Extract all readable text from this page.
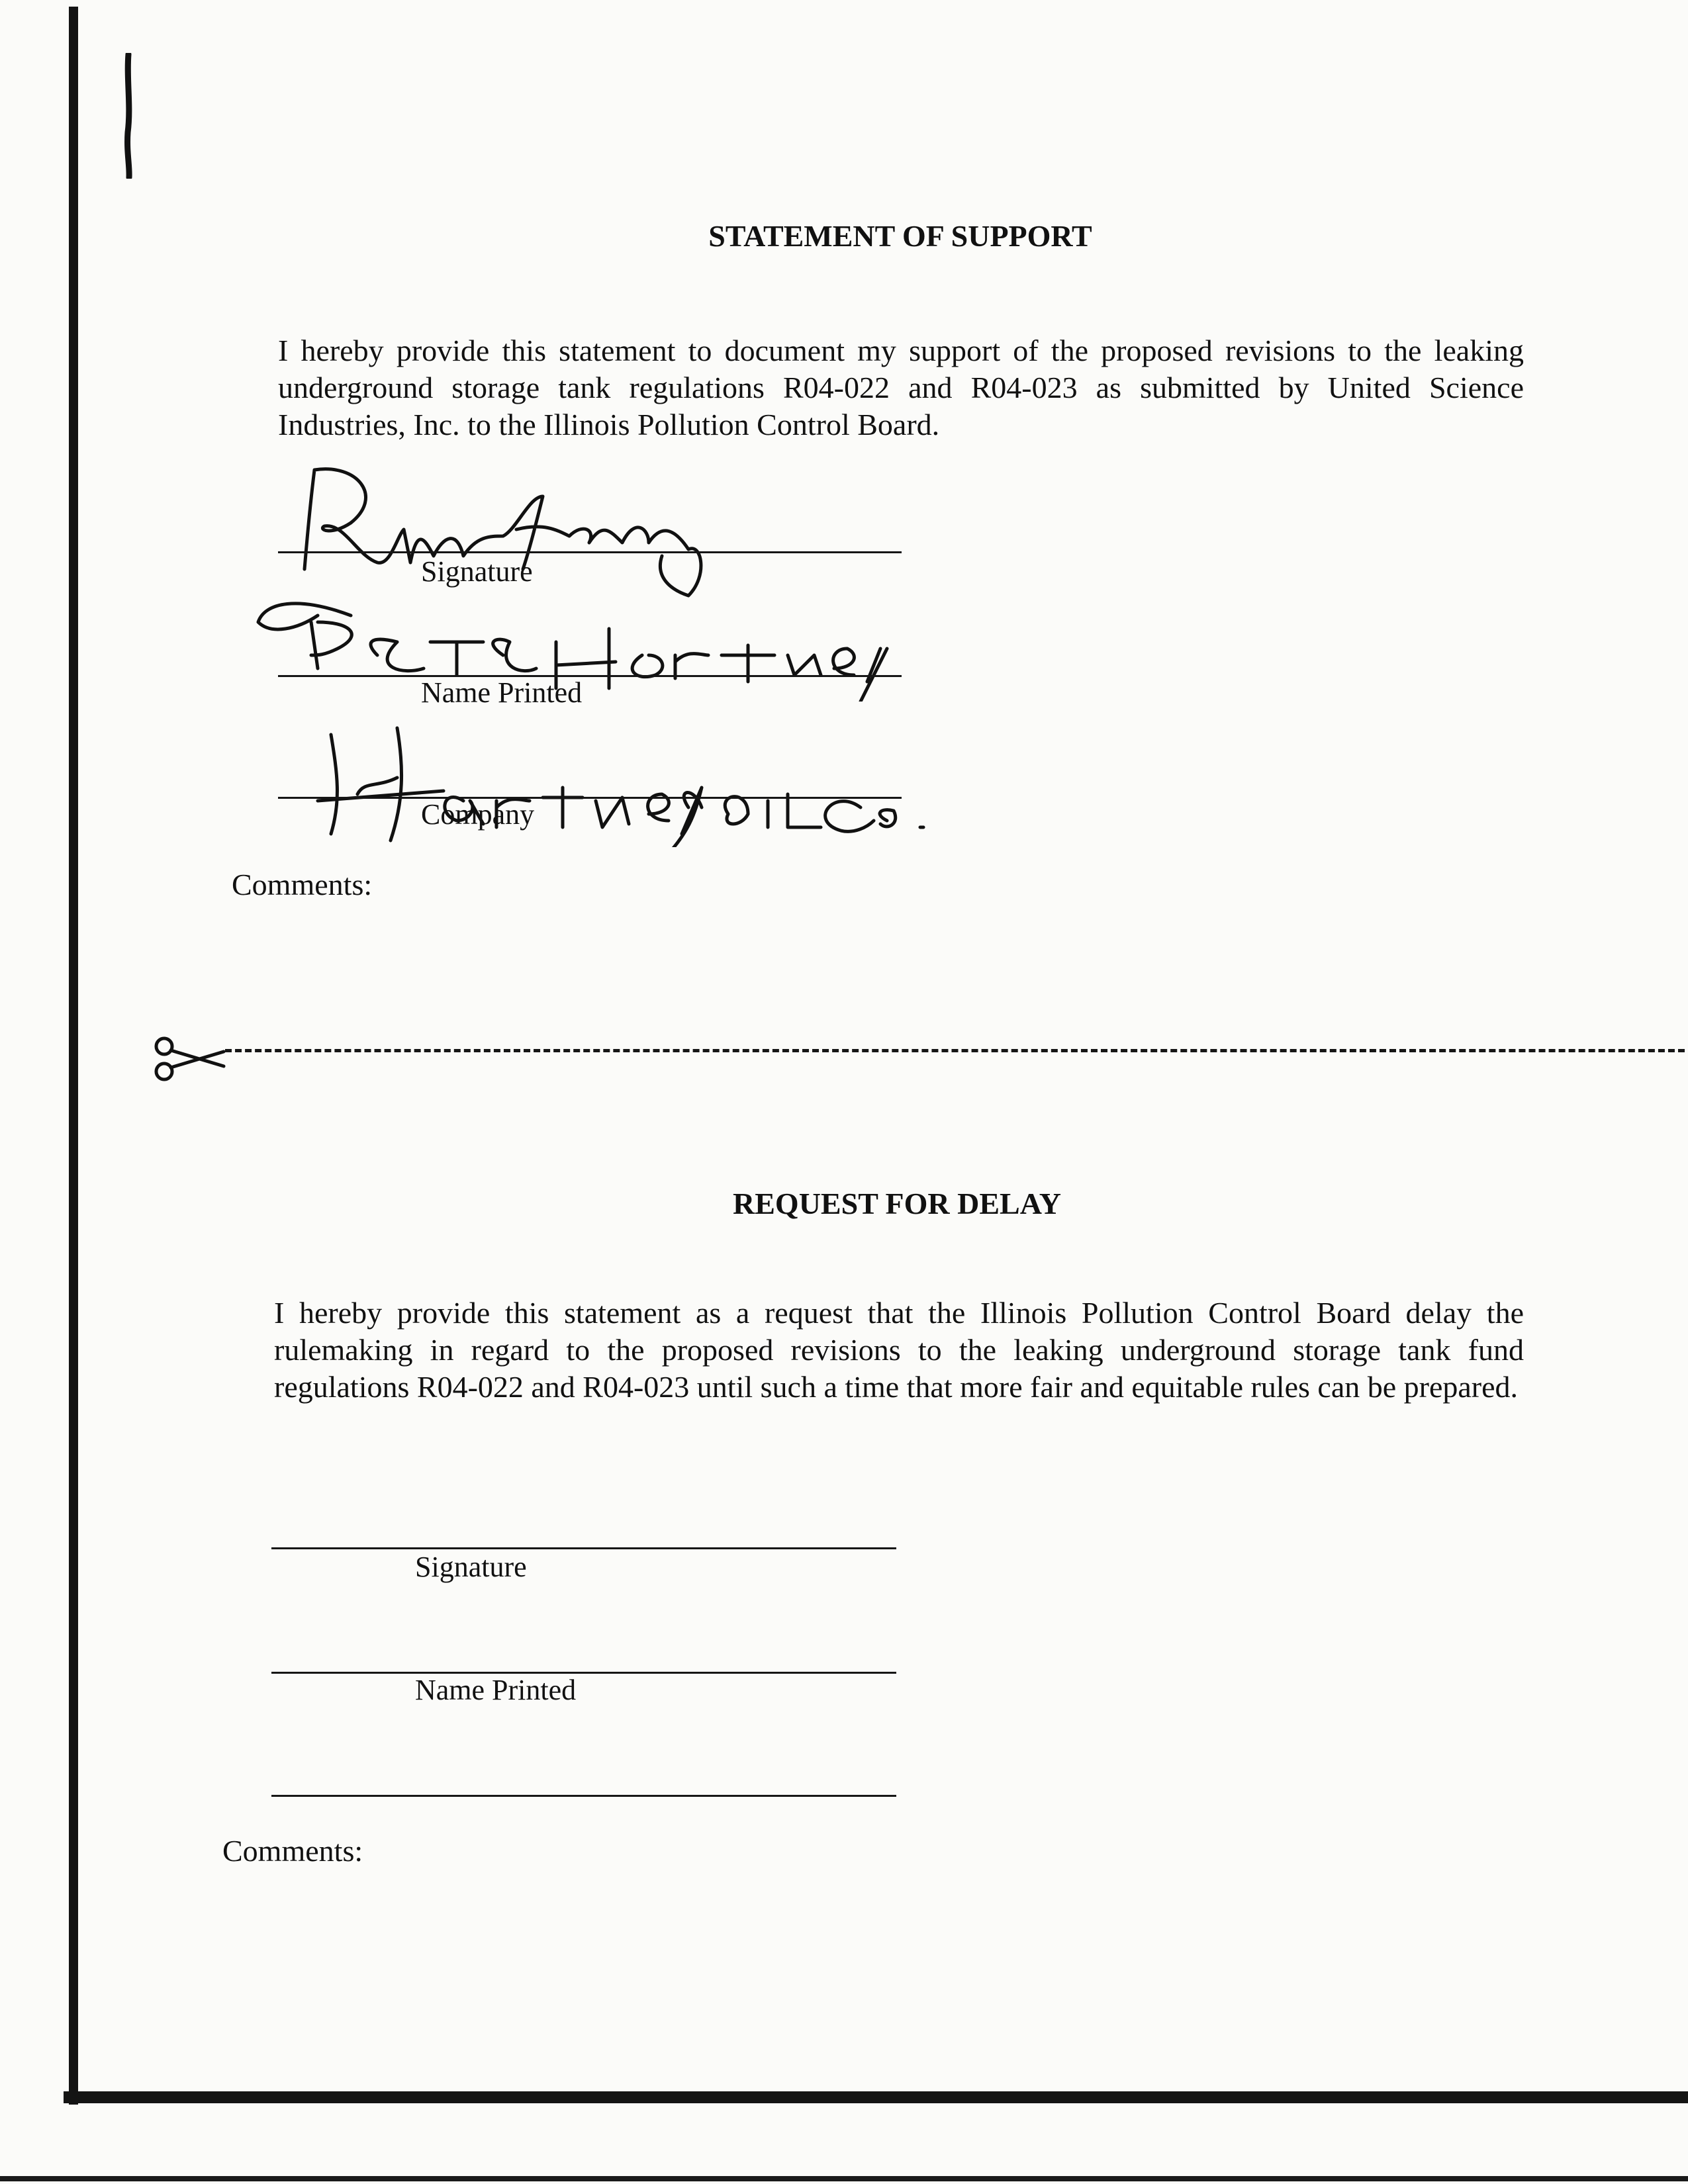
STATEMENT OF SUPPORT
I hereby provide this statement to document my support of the proposed revisions to the leaking underground storage tank regulations R04-022 and R04-023 as submitted by United Science Industries, Inc. to the Illinois Pollution Control Board.
Signature
Name Printed
Company
Comments:
REQUEST FOR DELAY
I hereby provide this statement as a request that the Illinois Pollution Control Board delay the rulemaking in regard to the proposed revisions to the leaking underground storage tank fund regulations R04-022 and R04-023 until such a time that more fair and equitable rules can be prepared.
Signature
Name Printed
Comments:
